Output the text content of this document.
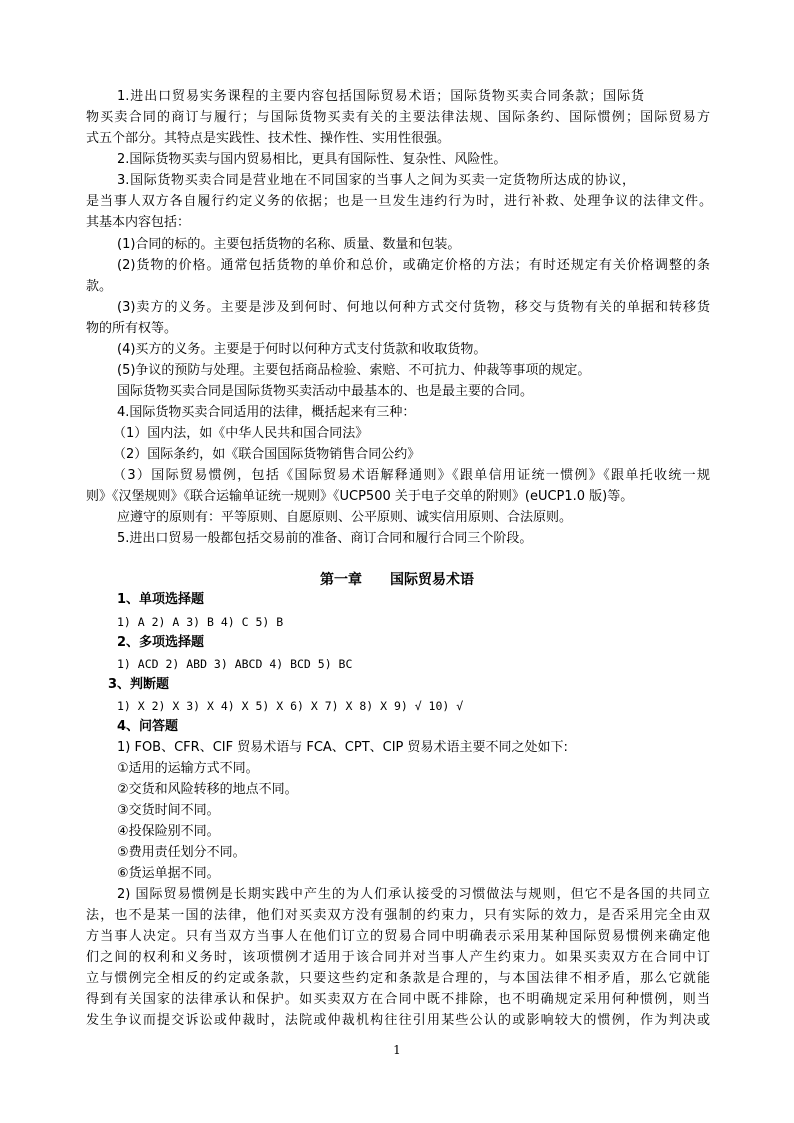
1.进出口贸易实务课程的主要内容包括国际贸易术语；国际货物买卖合同条款；国际货
物买卖合同的商订与履行；与国际货物买卖有关的主要法律法规、国际条约、国际惯例；国际贸易方
式五个部分。其特点是实践性、技术性、操作性、实用性很强。
2.国际货物买卖与国内贸易相比，更具有国际性、复杂性、风险性。
3.国际货物买卖合同是营业地在不同国家的当事人之间为买卖一定货物所达成的协议，
是当事人双方各自履行约定义务的依据；也是一旦发生违约行为时，进行补救、处理争议的法律文件。
其基本内容包括：
(1)合同的标的。主要包括货物的名称、质量、数量和包装。
(2)货物的价格。通常包括货物的单价和总价，或确定价格的方法；有时还规定有关价格调整的条
款。
(3)卖方的义务。主要是涉及到何时、何地以何种方式交付货物，移交与货物有关的单据和转移货
物的所有权等。
(4)买方的义务。主要是于何时以何种方式支付货款和收取货物。
(5)争议的预防与处理。主要包括商品检验、索赔、不可抗力、仲裁等事项的规定。
国际货物买卖合同是国际货物买卖活动中最基本的、也是最主要的合同。
4.国际货物买卖合同适用的法律，概括起来有三种：
（1）国内法，如《中华人民共和国合同法》
（2）国际条约，如《联合国国际货物销售合同公约》
（3）国际贸易惯例，包括《国际贸易术语解释通则》《跟单信用证统一惯例》《跟单托收统一规
则》《汉堡规则》《联合运输单证统一规则》《UCP500 关于电子交单的附则》(eUCP1.0 版)等。
应遵守的原则有：平等原则、自愿原则、公平原则、诚实信用原则、合法原则。
5.进出口贸易一般都包括交易前的准备、商订合同和履行合同三个阶段。
第一章　　国际贸易术语
1、单项选择题
1) A 2) A 3) B 4) C 5) B
2、多项选择题
1) ACD 2) ABD 3) ABCD 4) BCD 5) BC
3、判断题
1) X 2) X 3) X 4) X 5) X 6) X 7) X 8) X 9) √ 10) √
4、问答题
1) FOB、CFR、CIF 贸易术语与 FCA、CPT、CIP 贸易术语主要不同之处如下:
①适用的运输方式不同。
②交货和风险转移的地点不同。
③交货时间不同。
④投保险别不同。
⑤费用责任划分不同。
⑥货运单据不同。
2) 国际贸易惯例是长期实践中产生的为人们承认接受的习惯做法与规则，但它不是各国的共同立
法，也不是某一国的法律，他们对买卖双方没有强制的约束力，只有实际的效力，是否采用完全由双
方当事人决定。只有当双方当事人在他们订立的贸易合同中明确表示采用某种国际贸易惯例来确定他
们之间的权利和义务时，该项惯例才适用于该合同并对当事人产生约束力。如果买卖双方在合同中订
立与惯例完全相反的约定或条款，只要这些约定和条款是合理的，与本国法律不相矛盾，那么它就能
得到有关国家的法律承认和保护。如买卖双方在合同中既不排除，也不明确规定采用何种惯例，则当
发生争议而提交诉讼或仲裁时，法院或仲裁机构往往引用某些公认的或影响较大的惯例，作为判决或
1
